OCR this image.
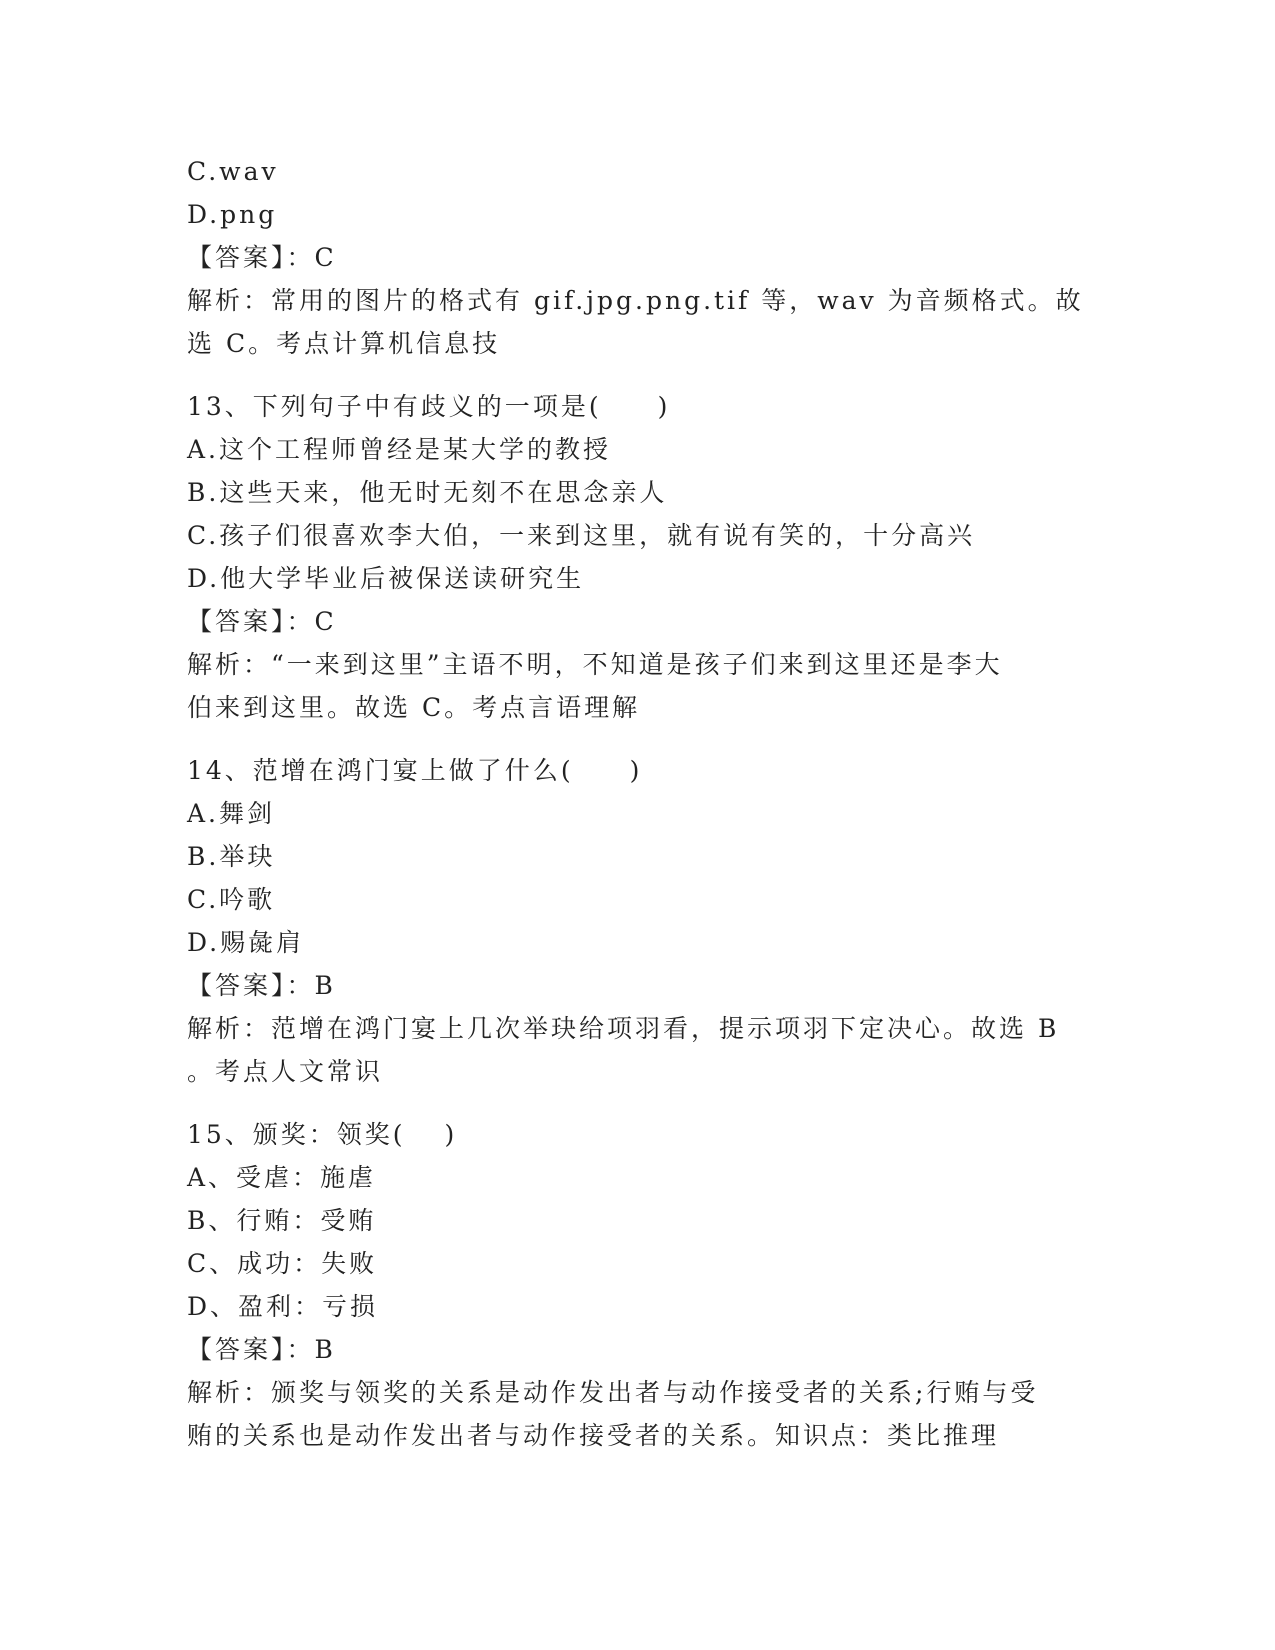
C.wav
D.png
【答案】：C
解析：常用的图片的格式有 gif.jpg.png.tif 等，wav 为音频格式。故
选 C。考点计算机信息技
13、下列句子中有歧义的一项是(　　)
A.这个工程师曾经是某大学的教授
B.这些天来，他无时无刻不在思念亲人
C.孩子们很喜欢李大伯，一来到这里，就有说有笑的，十分高兴
D.他大学毕业后被保送读研究生
【答案】：C
解析：“一来到这里”主语不明，不知道是孩子们来到这里还是李大
伯来到这里。故选 C。考点言语理解
14、范增在鸿门宴上做了什么(　　)
A.舞剑
B.举玦
C.吟歌
D.赐彘肩
【答案】：B
解析：范增在鸿门宴上几次举玦给项羽看，提示项羽下定决心。故选 B
。考点人文常识
15、颁奖：领奖(　 )
A、受虐：施虐
B、行贿：受贿
C、成功：失败
D、盈利：亏损
【答案】：B
解析：颁奖与领奖的关系是动作发出者与动作接受者的关系;行贿与受
贿的关系也是动作发出者与动作接受者的关系。知识点：类比推理
